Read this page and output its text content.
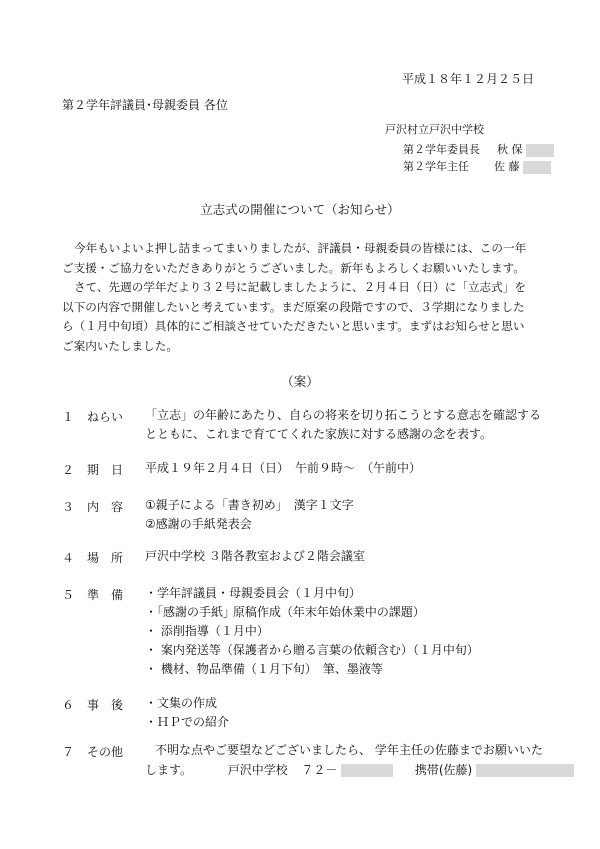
平成１８年１２月２５日
第２学年評議員･母親委員 各位
戸沢村立戸沢中学校
第２学年委員長 秋 保
第２学年主任 佐 藤
立志式の開催について（お知らせ）
今年もいよいよ押し詰まってまいりましたが、評議員・母親委員の皆様には、この一年
ご支援・ご協力をいただきありがとうございました。新年もよろしくお願いいたします。
さて、先週の学年だより３２号に記載しましたように、２月４日（日）に「立志式」を
以下の内容で開催したいと考えています。まだ原案の段階ですので、３学期になりました
ら（１月中旬頃）具体的にご相談させていただきたいと思います。まずはお知らせと思い
ご案内いたしました。
（案）
１ ねらい 「立志」の年齢にあたり、自らの将来を切り拓こうとする意志を確認する
とともに、これまで育ててくれた家族に対する感謝の念を表す。
２ 期　日 平成１９年２月４日（日）　午前９時～　（午前中）
３ 内　容 ①親子による「書き初め」　漢字１文字
②感謝の手紙発表会
４ 場　所 戸沢中学校 ３階各教室および２階会議室
５ 準　備 ・学年評議員・母親委員会（１月中旬）
・｢感謝の手紙｣ 原稿作成（年末年始休業中の課題）
・ 添削指導（１月中）
・ 案内発送等（保護者から贈る言葉の依頼含む）（１月中旬）
・ 機材、物品準備（１月下旬）　筆、墨液等
６ 事　後 ・文集の作成
・ＨＰでの紹介
７ その他	不明な点やご要望などございましたら、 学年主任の佐藤までお願いいた
します。	戸沢中学校 ７２－	携帯(佐藤)
